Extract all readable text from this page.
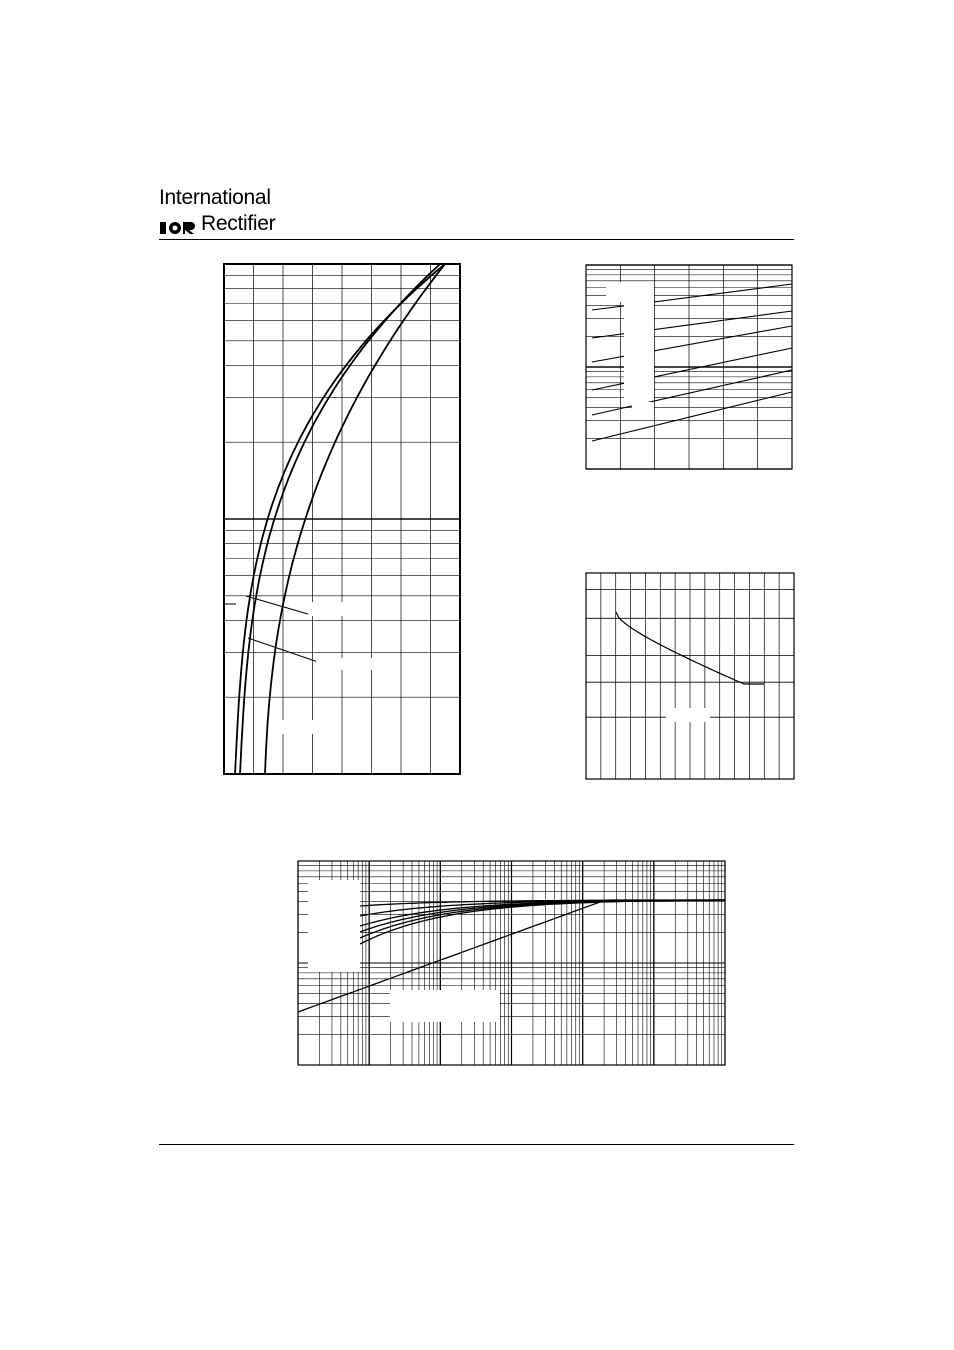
International
Rectifier
